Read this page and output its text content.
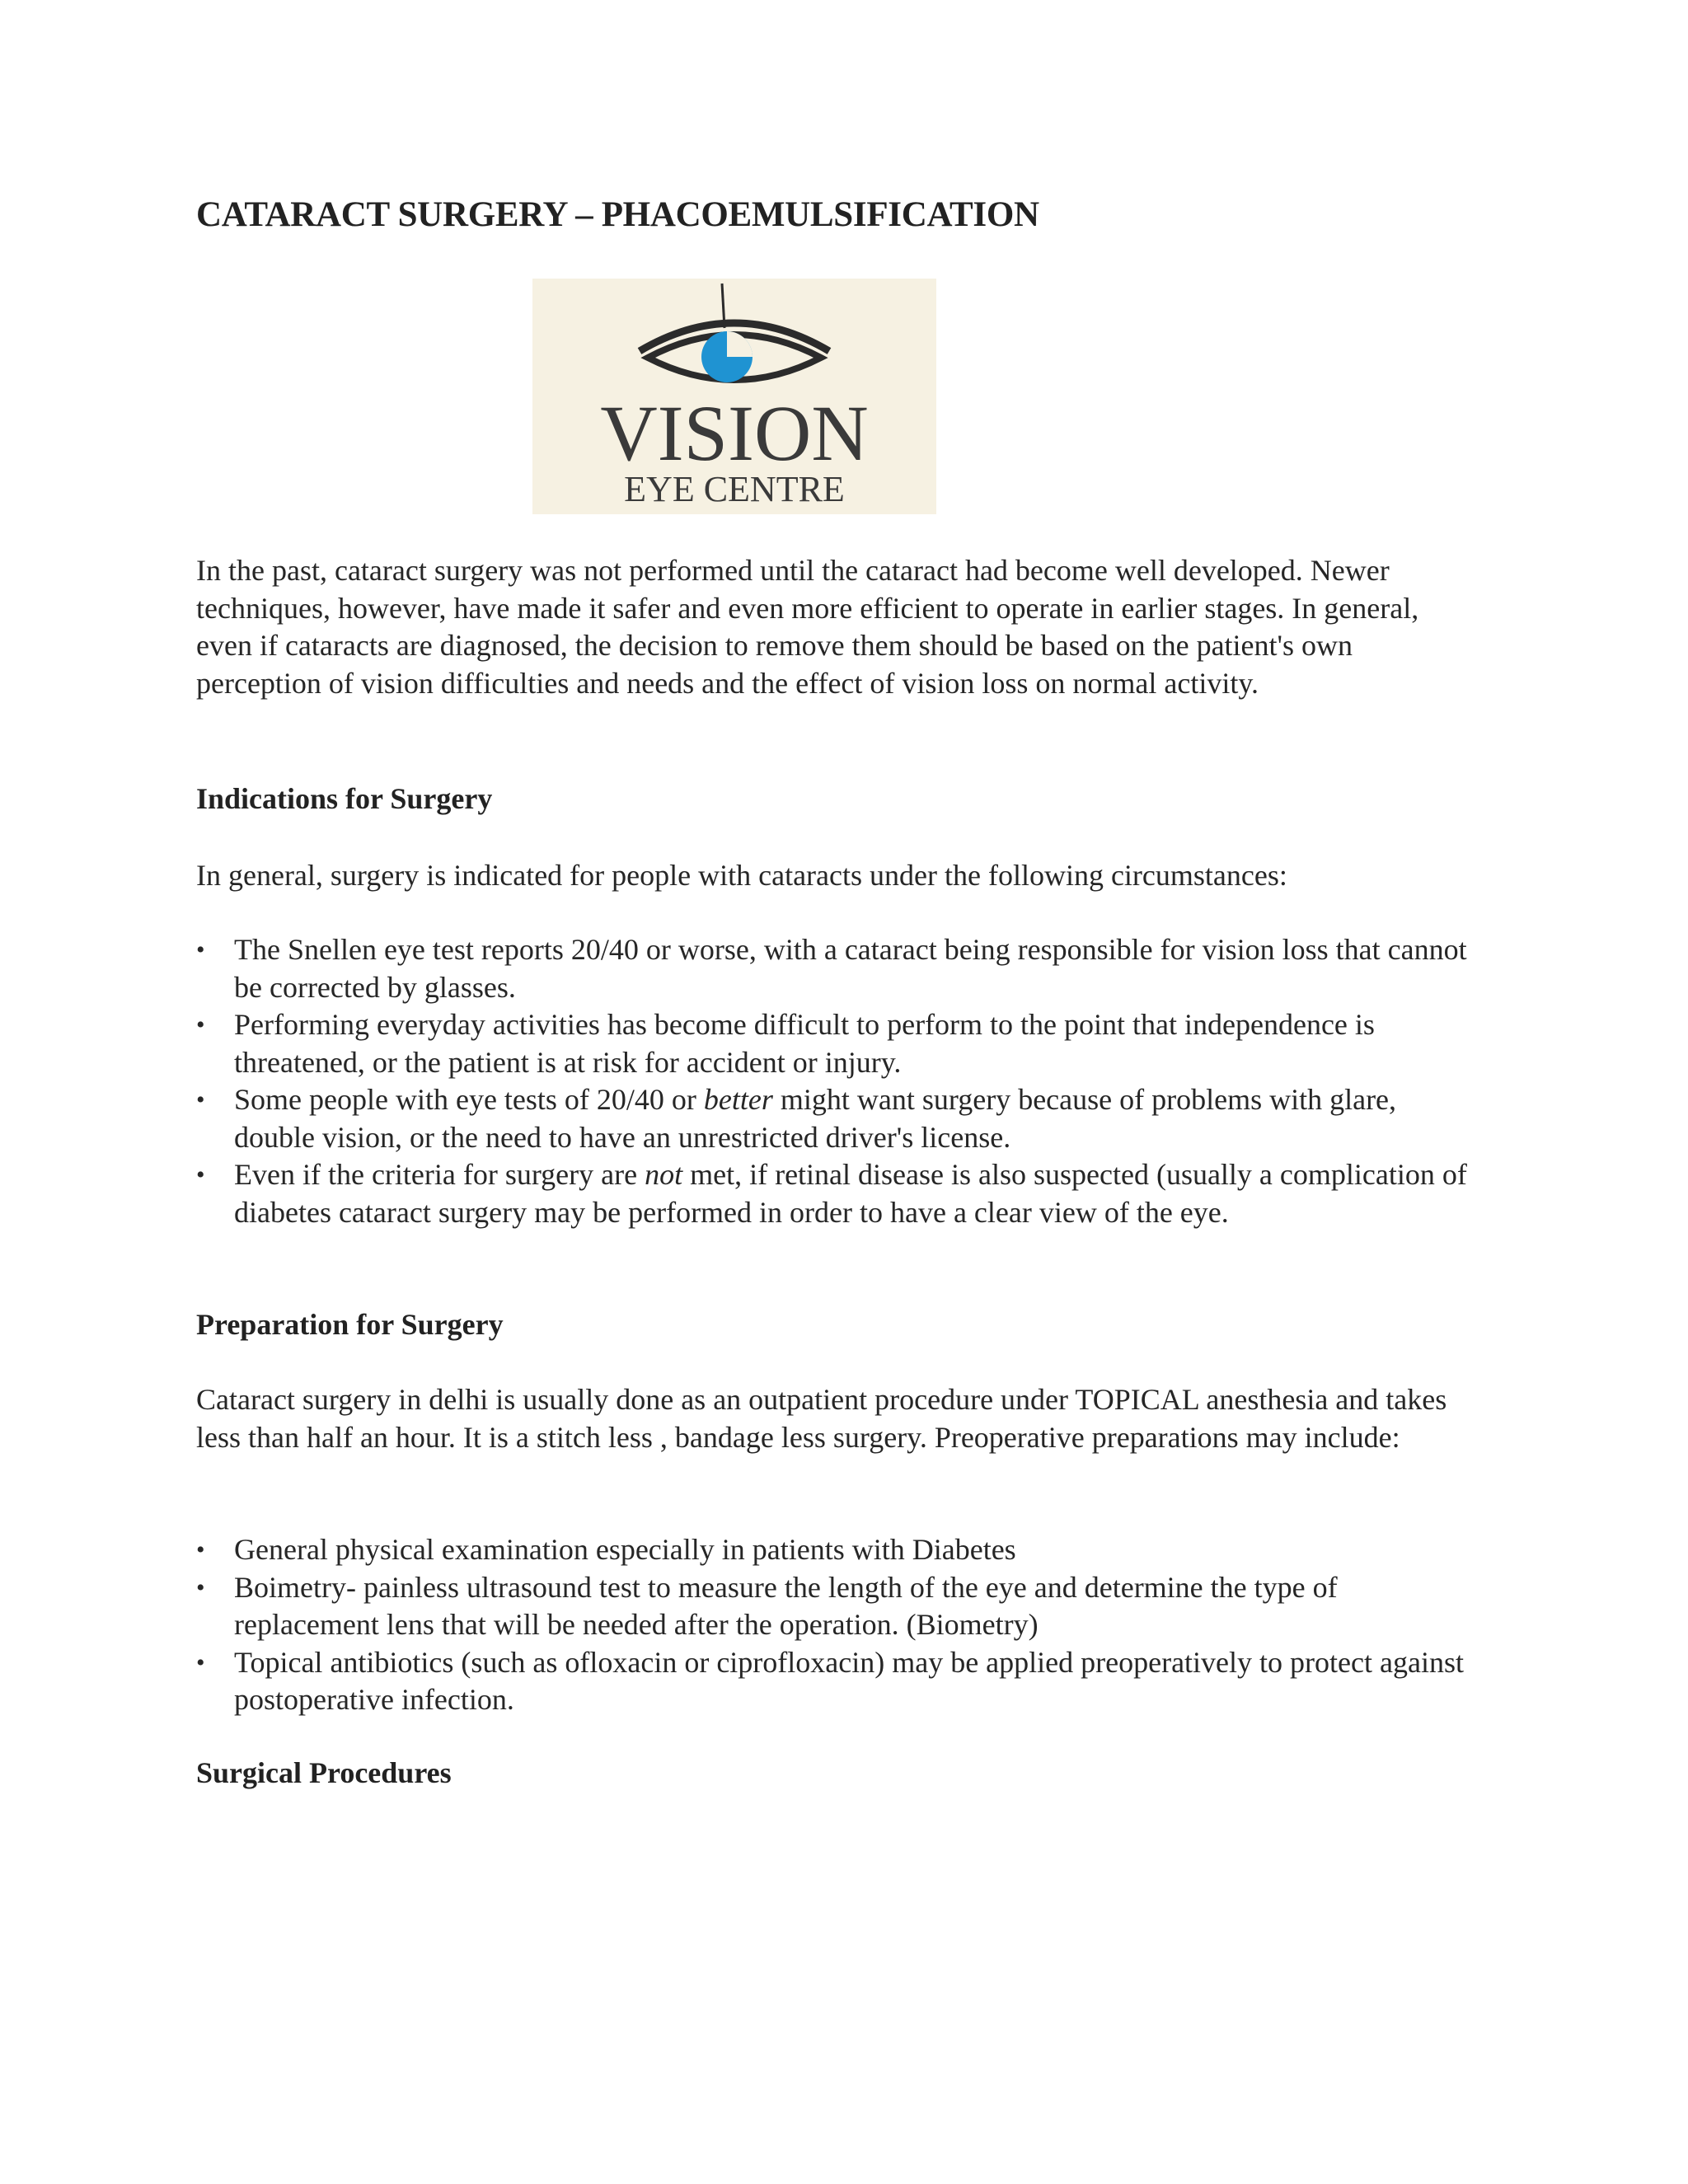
CATARACT SURGERY – PHACOEMULSIFICATION
VISION
EYE CENTRE

In the past, cataract surgery was not performed until the cataract had become well developed. Newer techniques, however, have made it safer and even more efficient to operate in earlier stages. In general, even if cataracts are diagnosed, the decision to remove them should be based on the patient's own perception of vision difficulties and needs and the effect of vision loss on normal activity.

Indications for Surgery

In general, surgery is indicated for people with cataracts under the following circumstances:

• The Snellen eye test reports 20/40 or worse, with a cataract being responsible for vision loss that cannot be corrected by glasses.
• Performing everyday activities has become difficult to perform to the point that independence is threatened, or the patient is at risk for accident or injury.
• Some people with eye tests of 20/40 or better might want surgery because of problems with glare, double vision, or the need to have an unrestricted driver's license.
• Even if the criteria for surgery are not met, if retinal disease is also suspected (usually a complication of diabetes cataract surgery may be performed in order to have a clear view of the eye.
Preparation for Surgery

Cataract surgery in delhi is usually done as an outpatient procedure under TOPICAL anesthesia and takes less than half an hour. It is a stitch less , bandage less surgery. Preoperative preparations may include:

• General physical examination especially in patients with Diabetes
• Boimetry- painless ultrasound test to measure the length of the eye and determine the type of replacement lens that will be needed after the operation. (Biometry)
• Topical antibiotics (such as ofloxacin or ciprofloxacin) may be applied preoperatively to protect against postoperative infection.
Surgical Procedures
